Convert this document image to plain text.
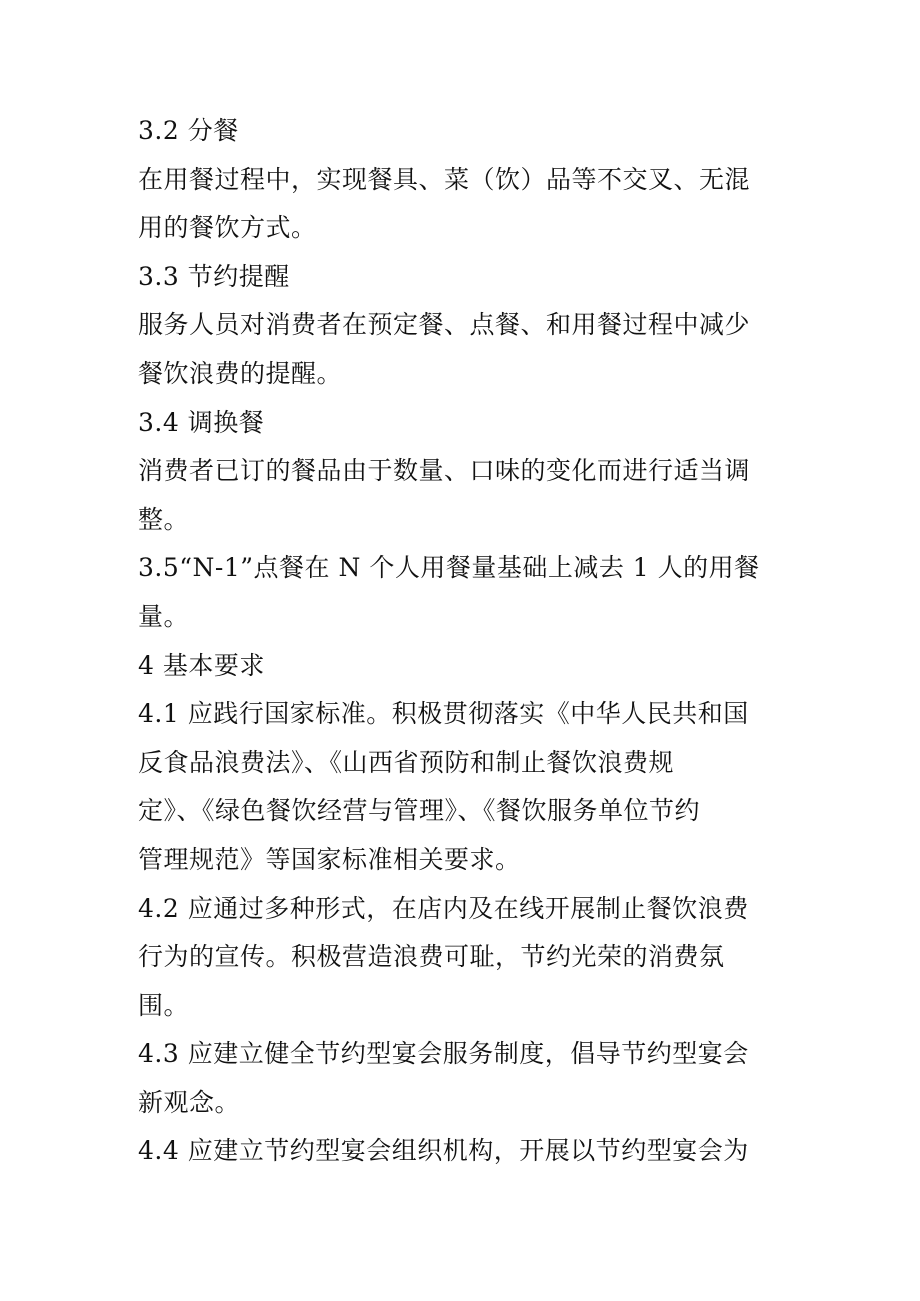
3.2 分餐
在用餐过程中，实现餐具、菜（饮）品等不交叉、无混
用的餐饮方式。
3.3 节约提醒
服务人员对消费者在预定餐、点餐、和用餐过程中减少
餐饮浪费的提醒。
3.4 调换餐
消费者已订的餐品由于数量、口味的变化而进行适当调
整。
3.5“N-1”点餐在 N 个人用餐量基础上减去 1 人的用餐
量。
4 基本要求
4.1 应践行国家标准。积极贯彻落实《中华人民共和国
反食品浪费法》、《山西省预防和制止餐饮浪费规
定》、《绿色餐饮经营与管理》、《餐饮服务单位节约
管理规范》等国家标准相关要求。
4.2 应通过多种形式，在店内及在线开展制止餐饮浪费
行为的宣传。积极营造浪费可耻，节约光荣的消费氛
围。
4.3 应建立健全节约型宴会服务制度，倡导节约型宴会
新观念。
4.4 应建立节约型宴会组织机构，开展以节约型宴会为
